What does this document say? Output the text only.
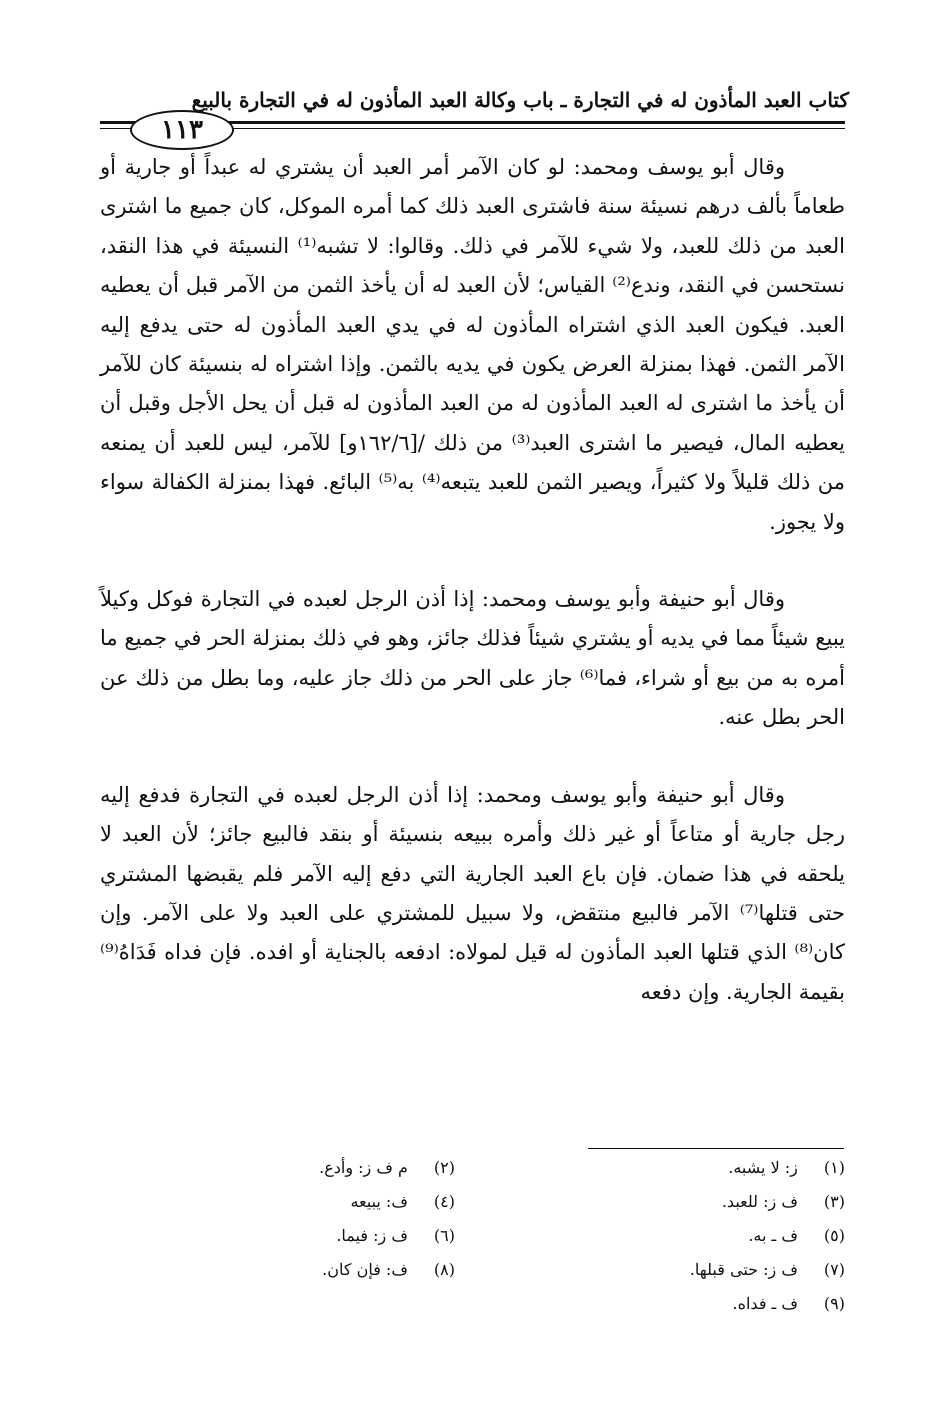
كتاب العبد المأذون له في التجارة ـ باب وكالة العبد المأذون له في التجارة بالبيع
١١٣

وقال أبو يوسف ومحمد: لو كان الآمر أمر العبد أن يشتري له عبداً أو جارية أو طعاماً بألف درهم نسيئة سنة فاشترى العبد ذلك كما أمره الموكل، كان جميع ما اشترى العبد من ذلك للعبد، ولا شيء للآمر في ذلك. وقالوا: لا تشبه⁽¹⁾ النسيئة في هذا النقد، نستحسن في النقد، وندع⁽²⁾ القياس؛ لأن العبد له أن يأخذ الثمن من الآمر قبل أن يعطيه العبد. فيكون العبد الذي اشتراه المأذون له في يدي العبد المأذون له حتى يدفع إليه الآمر الثمن. فهذا بمنزلة العرض يكون في يديه بالثمن. وإذا اشتراه له بنسيئة كان للآمر أن يأخذ ما اشترى له العبد المأذون له من العبد المأذون له قبل أن يحل الأجل وقبل أن يعطيه المال، فيصير ما اشترى العبد⁽³⁾ من ذلك /[١٦٢/٦و] للآمر، ليس للعبد أن يمنعه من ذلك قليلاً ولا كثيراً، ويصير الثمن للعبد يتبعه⁽⁴⁾ به⁽⁵⁾ البائع. فهذا بمنزلة الكفالة سواء ولا يجوز.

وقال أبو حنيفة وأبو يوسف ومحمد: إذا أذن الرجل لعبده في التجارة فوكل وكيلاً يبيع شيئاً مما في يديه أو يشتري شيئاً فذلك جائز، وهو في ذلك بمنزلة الحر في جميع ما أمره به من بيع أو شراء، فما⁽⁶⁾ جاز على الحر من ذلك جاز عليه، وما بطل من ذلك عن الحر بطل عنه.

وقال أبو حنيفة وأبو يوسف ومحمد: إذا أذن الرجل لعبده في التجارة فدفع إليه رجل جارية أو متاعاً أو غير ذلك وأمره ببيعه بنسيئة أو بنقد فالبيع جائز؛ لأن العبد لا يلحقه في هذا ضمان. فإن باع العبد الجارية التي دفع إليه الآمر فلم يقبضها المشتري حتى قتلها⁽⁷⁾ الآمر فالبيع منتقض، ولا سبيل للمشتري على العبد ولا على الآمر. وإن كان⁽⁸⁾ الذي قتلها العبد المأذون له قيل لمولاه: ادفعه بالجناية أو افده. فإن فداه فَدَاهُ⁽⁹⁾ بقيمة الجارية. وإن دفعه

(١) ز: لا يشبه.
(٣) ف ز: للعبد.
(٥) ف ـ به.
(٧) ف ز: حتى قبلها.
(٩) ف ـ فداه.
(٢) م ف ز: وأدع.
(٤) ف: يبيعه
(٦) ف ز: فيما.
(٨) ف: فإن كان.
